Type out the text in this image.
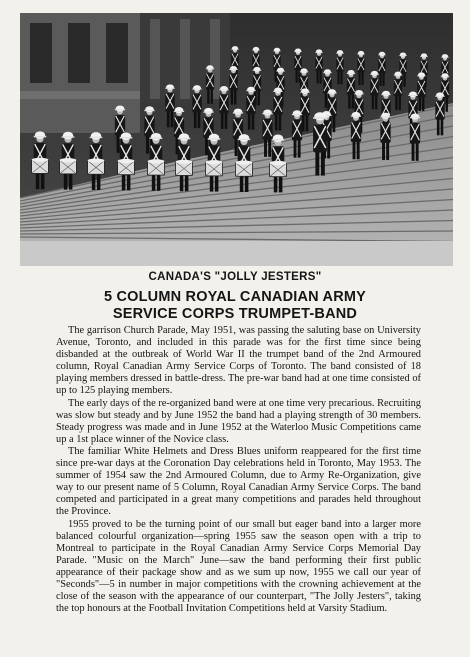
CANADA'S "JOLLY JESTERS"
5 COLUMN ROYAL CANADIAN ARMY
SERVICE CORPS TRUMPET-BAND

The garrison Church Parade, May 1951, was passing the saluting base on University Avenue, Toronto, and included in this parade was for the first time since being disbanded at the outbreak of World War II the trumpet band of the 2nd Armoured column, Royal Canadian Army Service Corps of Toronto. The band consisted of 18 playing members dressed in battle-dress. The pre-war band had at one time consisted of up to 125 playing members.

The early days of the re-organized band were at one time very precarious. Recruiting was slow but steady and by June 1952 the band had a playing strength of 30 members. Steady progress was made and in June 1952 at the Waterloo Music Competitions came up a 1st place winner of the Novice class.

The familiar White Helmets and Dress Blues uniform reappeared for the first time since pre-war days at the Coronation Day celebrations held in Toronto, May 1953. The summer of 1954 saw the 2nd Armoured Column, due to Army Re-Organization, give way to our present name of 5 Column, Royal Canadian Army Service Corps. The band competed and participated in a great many competitions and parades held throughout the Province.

1955 proved to be the turning point of our small but eager band into a larger more balanced colourful organization—spring 1955 saw the season open with a trip to Montreal to participate in the Royal Canadian Army Service Corps Memorial Day Parade. "Music on the March" June—saw the band performing their first public appearance of their package show and as we sum up now, 1955 we call our year of "Seconds"—5 in number in major competitions with the crowning achievement at the close of the season with the appearance of our counterpart, "The Jolly Jesters", taking the top honours at the Football Invitation Competitions held at Varsity Stadium.
